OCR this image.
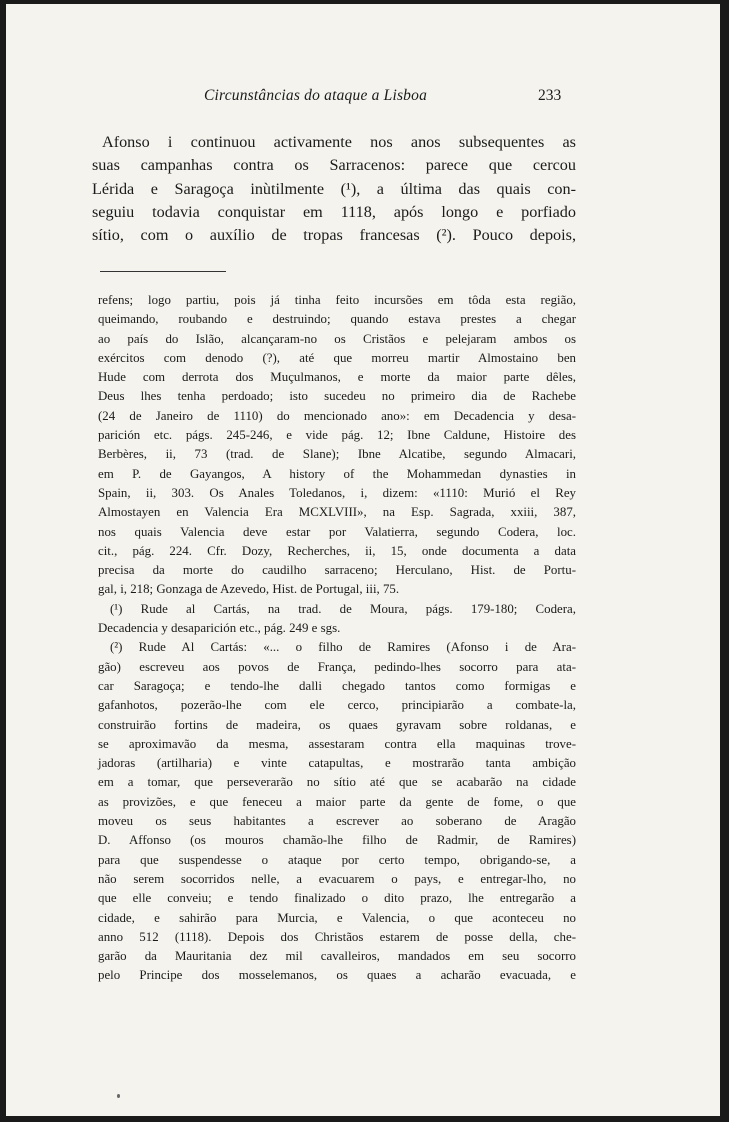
Circunstâncias do ataque a Lisboa	233
Afonso i continuou activamente nos anos subsequentes as
suas campanhas contra os Sarracenos: parece que cercou
Lérida e Saragoça inùtilmente (¹), a última das quais con-
seguiu todavia conquistar em 1118, após longo e porfiado
sítio, com o auxílio de tropas francesas (²). Pouco depois,
refens; logo partiu, pois já tinha feito incursões em tôda esta região,
queimando, roubando e destruindo; quando estava prestes a chegar
ao país do Islão, alcançaram-no os Cristãos e pelejaram ambos os
exércitos com denodo (?), até que morreu martir Almostaino ben
Hude com derrota dos Muçulmanos, e morte da maior parte dêles,
Deus lhes tenha perdoado; isto sucedeu no primeiro dia de Rachebe
(24 de Janeiro de 1110) do mencionado ano»: em Decadencia y desa-
parición etc. págs. 245-246, e vide pág. 12; Ibne Caldune, Histoire des
Berbères, ii, 73 (trad. de Slane); Ibne Alcatibe, segundo Almacari,
em P. de Gayangos, A history of the Mohammedan dynasties in
Spain, ii, 303. Os Anales Toledanos, i, dizem: «1110: Murió el Rey
Almostayen en Valencia Era MCXLVIII», na Esp. Sagrada, xxiii, 387,
nos quais Valencia deve estar por Valatierra, segundo Codera, loc.
cit., pág. 224. Cfr. Dozy, Recherches, ii, 15, onde documenta a data
precisa da morte do caudilho sarraceno; Herculano, Hist. de Portu-
gal, i, 218; Gonzaga de Azevedo, Hist. de Portugal, iii, 75.
(¹) Rude al Cartás, na trad. de Moura, págs. 179-180; Codera,
Decadencia y desaparición etc., pág. 249 e sgs.
(²) Rude Al Cartás: «... o filho de Ramires (Afonso i de Ara-
gão) escreveu aos povos de França, pedindo-lhes socorro para ata-
car Saragoça; e tendo-lhe dalli chegado tantos como formigas e
gafanhotos, pozerão-lhe com ele cerco, principiarão a combate-la,
construirão fortins de madeira, os quaes gyravam sobre roldanas, e
se aproximavão da mesma, assestaram contra ella maquinas trove-
jadoras (artilharia) e vinte catapultas, e mostrarão tanta ambição
em a tomar, que perseverarão no sítio até que se acabarão na cidade
as provizões, e que feneceu a maior parte da gente de fome, o que
moveu os seus habitantes a escrever ao soberano de Aragão
D. Affonso (os mouros chamão-lhe filho de Radmir, de Ramires)
para que suspendesse o ataque por certo tempo, obrigando-se, a
não serem socorridos nelle, a evacuarem o pays, e entregar-lho, no
que elle conveiu; e tendo finalizado o dito prazo, lhe entregarão a
cidade, e sahirão para Murcia, e Valencia, o que aconteceu no
anno 512 (1118). Depois dos Christãos estarem de posse della, che-
garão da Mauritania dez mil cavalleiros, mandados em seu socorro
pelo Principe dos mosselemanos, os quaes a acharão evacuada, e
